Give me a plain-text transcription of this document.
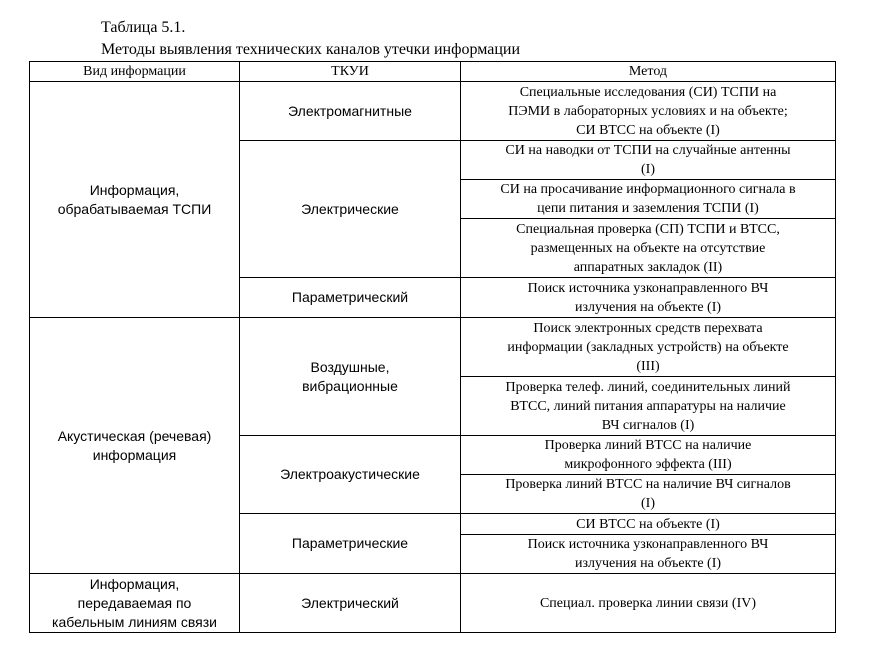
Таблица 5.1.
Методы выявления технических каналов утечки информации
Вид информации	ТКУИ	Метод

Информация,
обрабатываемая ТСПИ	Электромагнитные	Специальные исследования (СИ) ТСПИ на
ПЭМИ в лабораторных условиях и на объекте;
СИ ВТСС на объекте (I)

	Электрические	СИ на наводки от ТСПИ на случайные антенны
(I)

		СИ на просачивание информационного сигнала в
цепи питания и заземления ТСПИ (I)

		Специальная проверка (СП) ТСПИ и ВТСС,
размещенных на объекте на отсутствие
аппаратных закладок (II)

	Параметрический	Поиск источника узконаправленного ВЧ
излучения на объекте (I)

Акустическая (речевая)
информация	Воздушные,
вибрационные	Поиск электронных средств перехвата
информации (закладных устройств) на объекте
(III)

		Проверка телеф. линий, соединительных линий
ВТСС, линий питания аппаратуры на наличие
ВЧ сигналов (I)

	Электроакустические	Проверка линий ВТСС на наличие
микрофонного эффекта (III)

		Проверка линий ВТСС на наличие ВЧ сигналов
(I)

	Параметрические	СИ ВТСС на объекте (I)

		Поиск источника узконаправленного ВЧ
излучения на объекте (I)

Информация,
передаваемая по
кабельным линиям связи	Электрический	Специал. проверка линии связи (IV)
